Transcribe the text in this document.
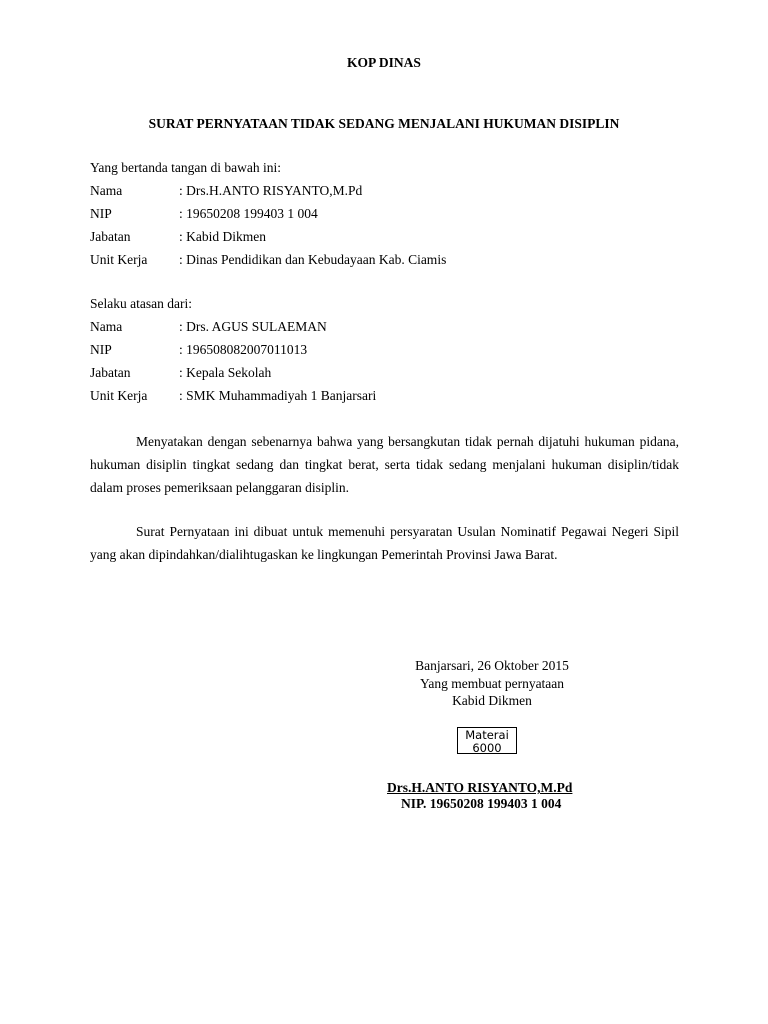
KOP DINAS
SURAT PERNYATAAN TIDAK SEDANG MENJALANI HUKUMAN DISIPLIN
Yang bertanda tangan di bawah ini:
Nama	: Drs.H.ANTO RISYANTO,M.Pd
NIP	: 19650208 199403 1 004
Jabatan	: Kabid Dikmen
Unit Kerja : Dinas Pendidikan dan Kebudayaan Kab. Ciamis
Selaku atasan dari:
Nama	: Drs. AGUS SULAEMAN
NIP	: 196508082007011013
Jabatan	: Kepala Sekolah
Unit Kerja : SMK Muhammadiyah 1 Banjarsari
Menyatakan dengan sebenarnya bahwa yang bersangkutan tidak pernah dijatuhi hukuman pidana, hukuman disiplin tingkat sedang dan tingkat berat, serta tidak sedang menjalani hukuman disiplin/tidak dalam proses pemeriksaan pelanggaran disiplin.
Surat Pernyataan ini dibuat untuk memenuhi persyaratan Usulan Nominatif Pegawai Negeri Sipil yang akan dipindahkan/dialihtugaskan ke lingkungan Pemerintah Provinsi Jawa Barat.
Banjarsari, 26 Oktober 2015
Yang membuat pernyataan
Kabid Dikmen
Materai
6000
Drs.H.ANTO RISYANTO,M.Pd
NIP. 19650208 199403 1 004
